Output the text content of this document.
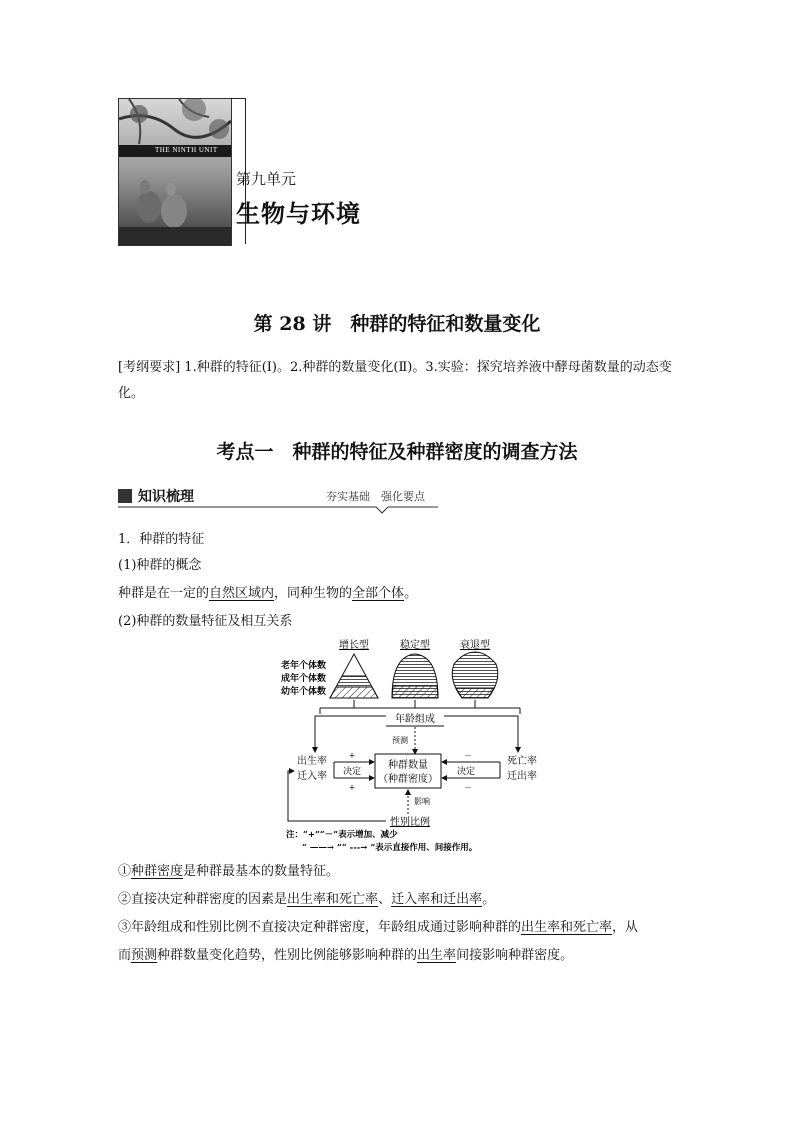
THE NINTH UNIT
第九单元
生物与环境
第 28 讲　种群的特征和数量变化
[考纲要求] 1.种群的特征(Ⅰ)。2.种群的数量变化(Ⅱ)。3.实验：探究培养液中酵母菌数量的动态变化。
考点一　种群的特征及种群密度的调查方法
知识梳理	夯实基础　强化要点
1．种群的特征
(1)种群的概念
种群是在一定的自然区域内，同种生物的全部个体。
(2)种群的数量特征及相互关系
增长型	稳定型	衰退型
老年个体数
成年个体数
幼年个体数
年龄组成
预测
种群数量
（种群密度）
出生率
迁入率
死亡率
迁出率
+
+
决定
－
－
决定
影响
性别比例
注：“+”“－”表示增加、减少
“ ——→ ”“ ---→ ”表示直接作用、间接作用。
①种群密度是种群最基本的数量特征。
②直接决定种群密度的因素是出生率和死亡率、迁入率和迁出率。
③年龄组成和性别比例不直接决定种群密度，年龄组成通过影响种群的出生率和死亡率，从
而预测种群数量变化趋势，性别比例能够影响种群的出生率间接影响种群密度。
